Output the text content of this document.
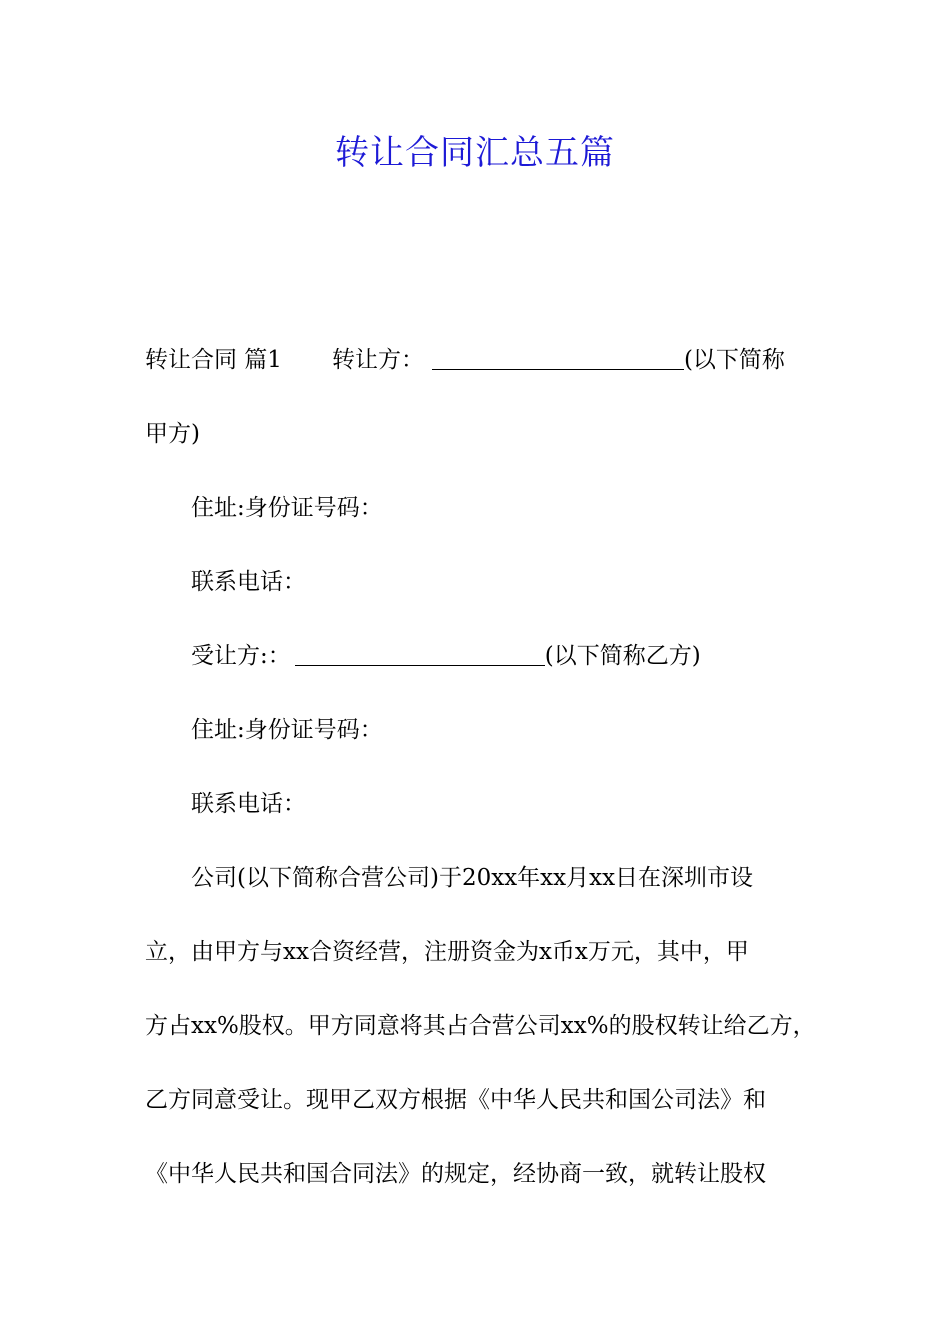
转让合同汇总五篇

转让合同 篇1 转让方：	(以下简称

甲方)

住址:身份证号码：

联系电话：

受让方:：	(以下简称乙方)

住址:身份证号码：

联系电话：

公司(以下简称合营公司)于20xx年xx月xx日在深圳市设

立，由甲方与xx合资经营，注册资金为x币x万元，其中，甲

方占xx%股权。甲方同意将其占合营公司xx%的股权转让给乙方，

乙方同意受让。现甲乙双方根据《中华人民共和国公司法》和

《中华人民共和国合同法》的规定，经协商一致，就转让股权
